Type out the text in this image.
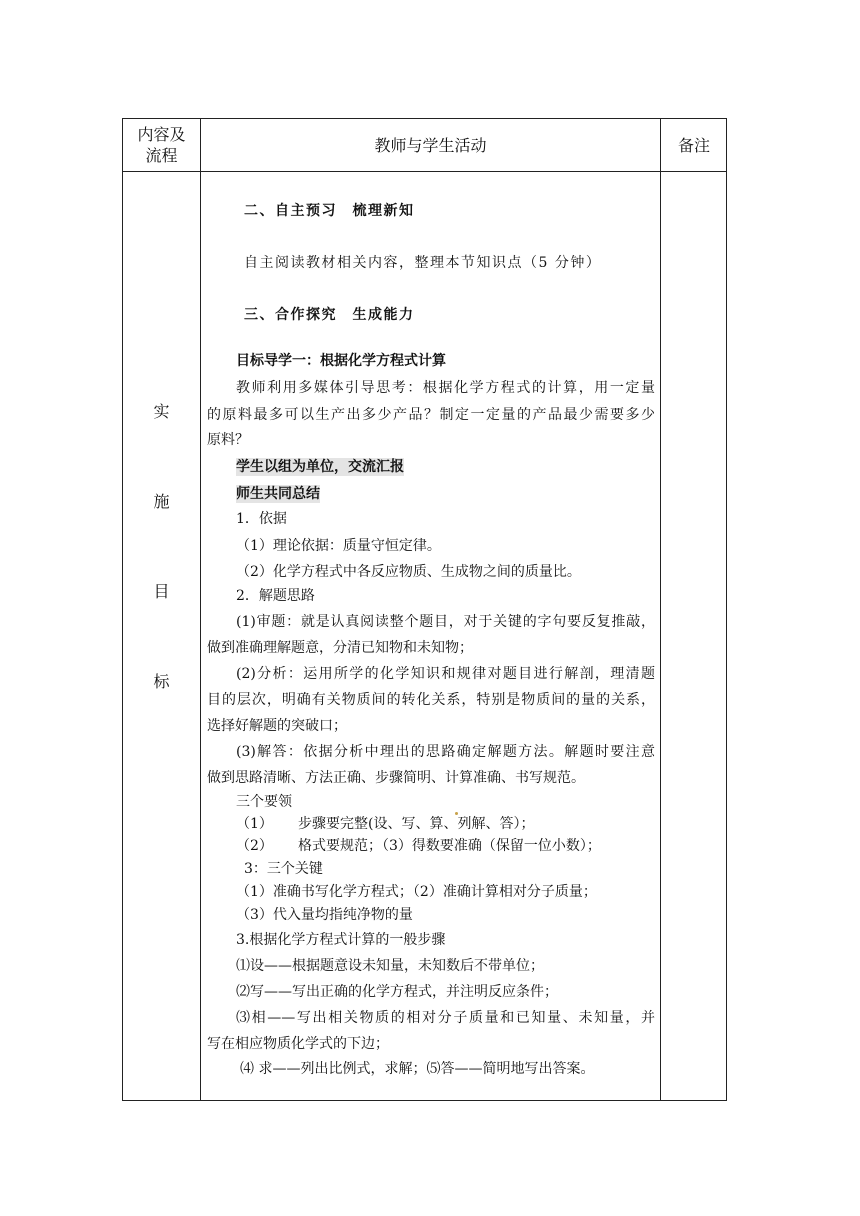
内容及
流程
教师与学生活动	备注
实
施
目
标
二、自主预习　梳理新知
自主阅读教材相关内容，整理本节知识点（5 分钟）
三、合作探究　生成能力
目标导学一：根据化学方程式计算
教师利用多媒体引导思考：根据化学方程式的计算，用一定量
的原料最多可以生产出多少产品？制定一定量的产品最少需要多少
原料？
学生以组为单位，交流汇报
师生共同总结
1．依据
（1）理论依据：质量守恒定律。
（2）化学方程式中各反应物质、生成物之间的质量比。
2．解题思路
(1)审题：就是认真阅读整个题目，对于关键的字句要反复推敲，
做到准确理解题意，分清已知物和未知物；
(2)分析：运用所学的化学知识和规律对题目进行解剖，理清题
目的层次，明确有关物质间的转化关系，特别是物质间的量的关系，
选择好解题的突破口；
(3)解答：依据分析中理出的思路确定解题方法。解题时要注意
做到思路清晰、方法正确、步骤简明、计算准确、书写规范。
三个要领
（1） 步骤要完整(设、写、算、列解、答）；
（2） 格式要规范；（3）得数要准确（保留一位小数）；
3：三个关键
（1）准确书写化学方程式；（2）准确计算相对分子质量；
（3）代入量均指纯净物的量
3.根据化学方程式计算的一般步骤
⑴设——根据题意设未知量，未知数后不带单位；
⑵写——写出正确的化学方程式，并注明反应条件；
⑶相——写出相关物质的相对分子质量和已知量、未知量，并
写在相应物质化学式的下边；
⑷ 求——列出比例式，求解；⑸答——简明地写出答案。
